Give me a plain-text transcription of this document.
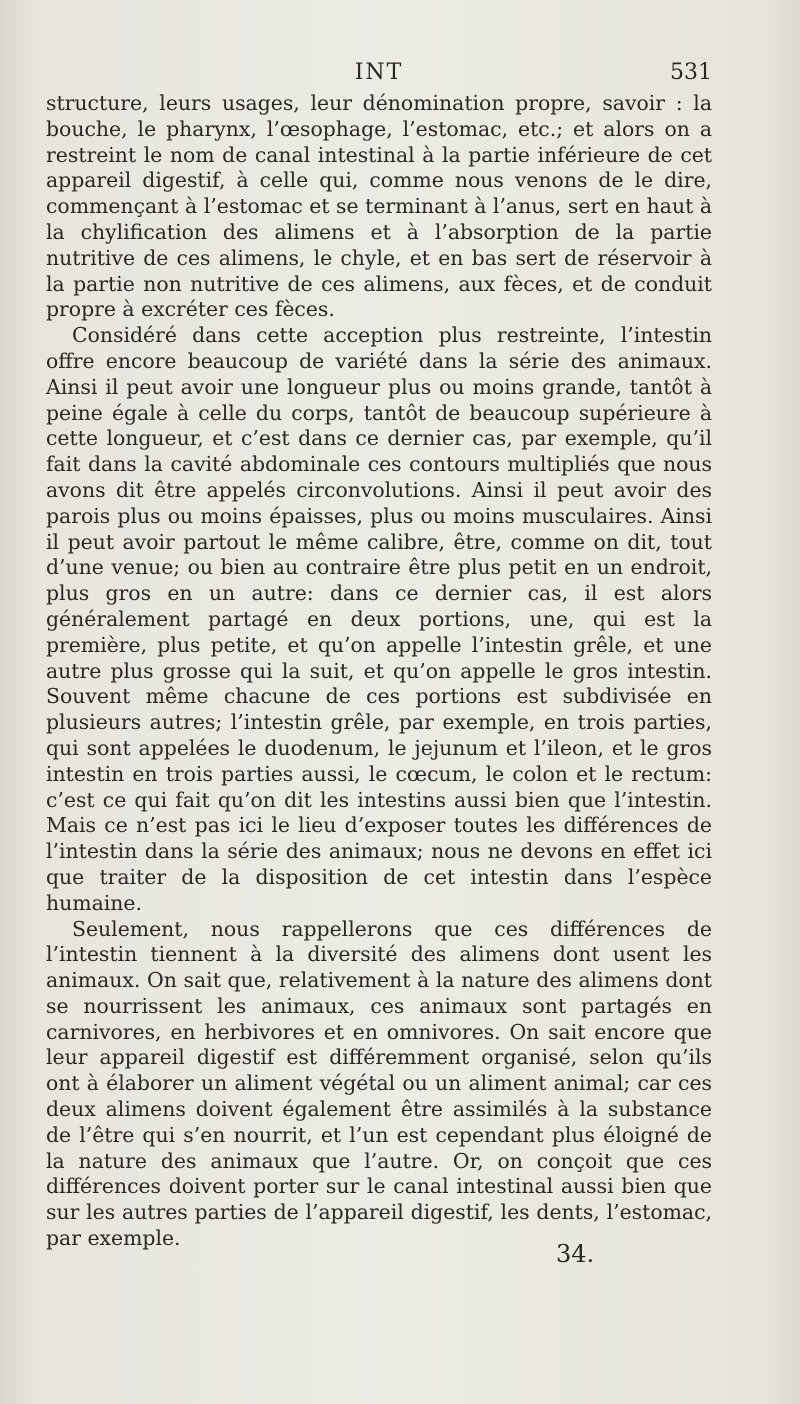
INT	531

structure, leurs usages, leur dénomination propre, savoir : la bouche, le pharynx, l’œsophage, l’estomac, etc.; et alors on a restreint le nom de canal intestinal à la partie inférieure de cet appareil digestif, à celle qui, comme nous venons de le dire, commençant à l’estomac et se terminant à l’anus, sert en haut à la chylification des alimens et à l’absorption de la partie nutritive de ces alimens, le chyle, et en bas sert de réservoir à la partie non nutritive de ces alimens, aux fèces, et de conduit propre à excréter ces fèces.

Considéré dans cette acception plus restreinte, l’intestin offre encore beaucoup de variété dans la série des animaux. Ainsi il peut avoir une longueur plus ou moins grande, tantôt à peine égale à celle du corps, tantôt de beaucoup supérieure à cette longueur, et c’est dans ce dernier cas, par exemple, qu’il fait dans la cavité abdominale ces contours multipliés que nous avons dit être appelés circonvolutions. Ainsi il peut avoir des parois plus ou moins épaisses, plus ou moins musculaires. Ainsi il peut avoir partout le même calibre, être, comme on dit, tout d’une venue; ou bien au contraire être plus petit en un endroit, plus gros en un autre: dans ce dernier cas, il est alors généralement partagé en deux portions, une, qui est la première, plus petite, et qu’on appelle l’intestin grêle, et une autre plus grosse qui la suit, et qu’on appelle le gros intestin. Souvent même chacune de ces portions est subdivisée en plusieurs autres; l’intestin grêle, par exemple, en trois parties, qui sont appelées le duodenum, le jejunum et l’ileon, et le gros intestin en trois parties aussi, le cœcum, le colon et le rectum: c’est ce qui fait qu’on dit les intestins aussi bien que l’intestin. Mais ce n’est pas ici le lieu d’exposer toutes les différences de l’intestin dans la série des animaux; nous ne devons en effet ici que traiter de la disposition de cet intestin dans l’espèce humaine.

Seulement, nous rappellerons que ces différences de l’intestin tiennent à la diversité des alimens dont usent les animaux. On sait que, relativement à la nature des alimens dont se nourrissent les animaux, ces animaux sont partagés en carnivores, en herbivores et en omnivores. On sait encore que leur appareil digestif est différemment organisé, selon qu’ils ont à élaborer un aliment végétal ou un aliment animal; car ces deux alimens doivent également être assimilés à la substance de l’être qui s’en nourrit, et l’un est cependant plus éloigné de la nature des animaux que l’autre. Or, on conçoit que ces différences doivent porter sur le canal intestinal aussi bien que sur les autres parties de l’appareil digestif, les dents, l’estomac, par exemple.

34.
